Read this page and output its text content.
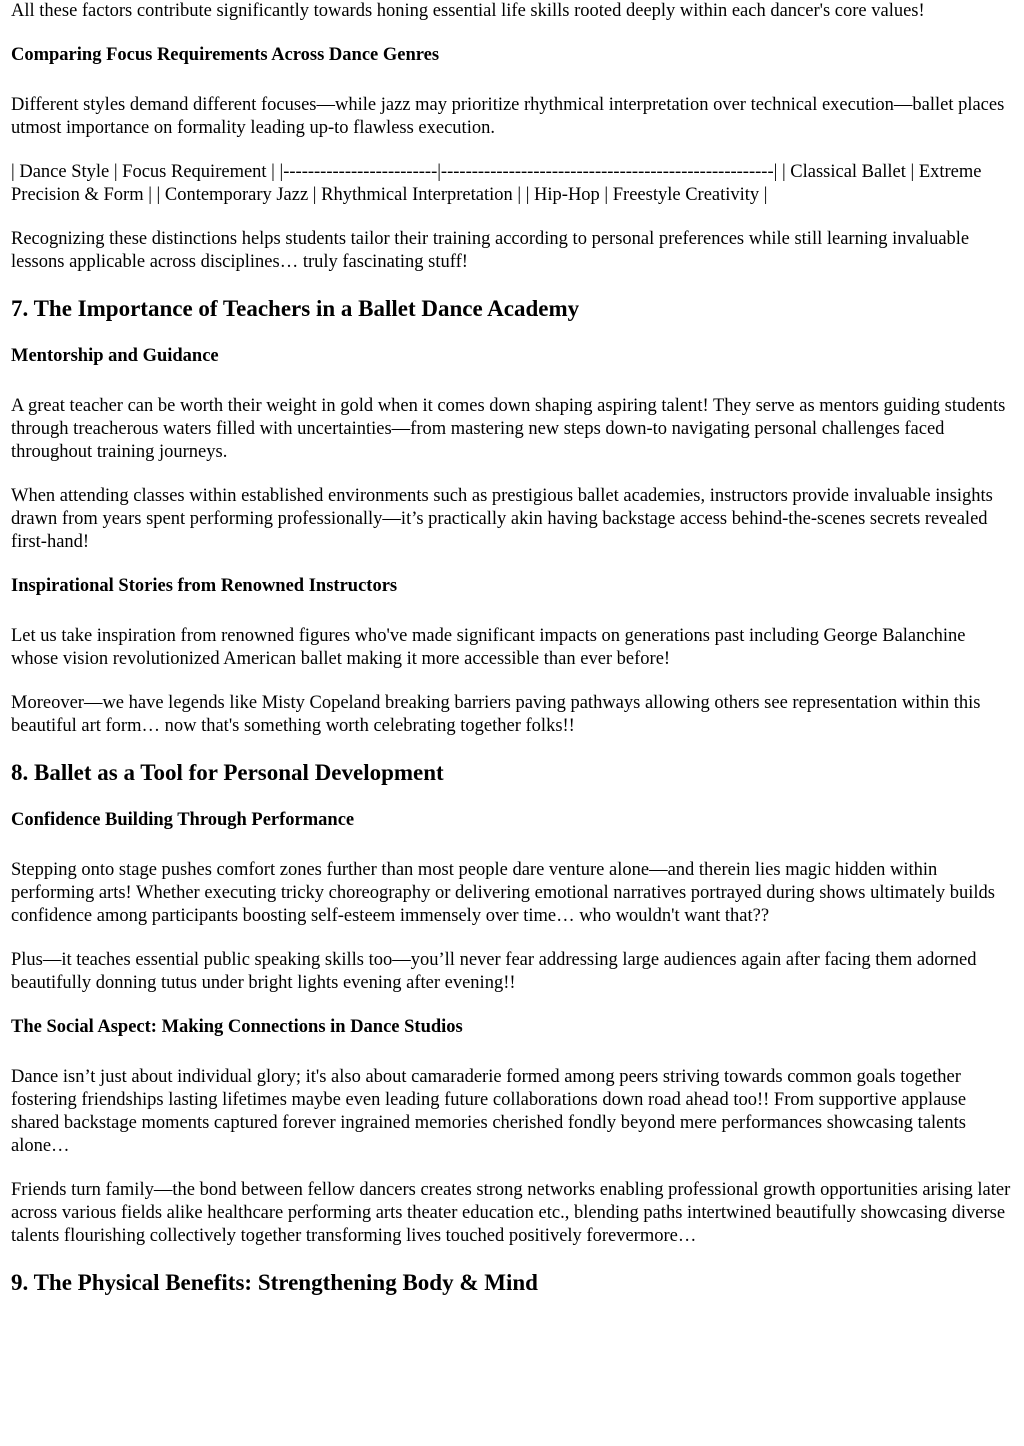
All these factors contribute significantly towards honing essential life skills rooted deeply within each dancer's core values!

Comparing Focus Requirements Across Dance Genres

Different styles demand different focuses—while jazz may prioritize rhythmical interpretation over technical execution—ballet places utmost importance on formality leading up-to flawless execution.

| Dance Style | Focus Requirement | |-------------------------|------------------------------------------------------| | Classical Ballet | Extreme Precision & Form | | Contemporary Jazz | Rhythmical Interpretation | | Hip-Hop | Freestyle Creativity |

Recognizing these distinctions helps students tailor their training according to personal preferences while still learning invaluable lessons applicable across disciplines… truly fascinating stuff!

7. The Importance of Teachers in a Ballet Dance Academy
Mentorship and Guidance

A great teacher can be worth their weight in gold when it comes down shaping aspiring talent! They serve as mentors guiding students through treacherous waters filled with uncertainties—from mastering new steps down-to navigating personal challenges faced throughout training journeys.

When attending classes within established environments such as prestigious ballet academies, instructors provide invaluable insights drawn from years spent performing professionally—it’s practically akin having backstage access behind-the-scenes secrets revealed first-hand!

Inspirational Stories from Renowned Instructors

Let us take inspiration from renowned figures who've made significant impacts on generations past including George Balanchine whose vision revolutionized American ballet making it more accessible than ever before!

Moreover—we have legends like Misty Copeland breaking barriers paving pathways allowing others see representation within this beautiful art form… now that's something worth celebrating together folks!!

8. Ballet as a Tool for Personal Development
Confidence Building Through Performance

Stepping onto stage pushes comfort zones further than most people dare venture alone—and therein lies magic hidden within performing arts! Whether executing tricky choreography or delivering emotional narratives portrayed during shows ultimately builds confidence among participants boosting self-esteem immensely over time… who wouldn't want that??

Plus—it teaches essential public speaking skills too—you’ll never fear addressing large audiences again after facing them adorned beautifully donning tutus under bright lights evening after evening!!

The Social Aspect: Making Connections in Dance Studios

Dance isn’t just about individual glory; it's also about camaraderie formed among peers striving towards common goals together fostering friendships lasting lifetimes maybe even leading future collaborations down road ahead too!! From supportive applause shared backstage moments captured forever ingrained memories cherished fondly beyond mere performances showcasing talents alone…

Friends turn family—the bond between fellow dancers creates strong networks enabling professional growth opportunities arising later across various fields alike healthcare performing arts theater education etc., blending paths intertwined beautifully showcasing diverse talents flourishing collectively together transforming lives touched positively forevermore…

9. The Physical Benefits: Strengthening Body & Mind
